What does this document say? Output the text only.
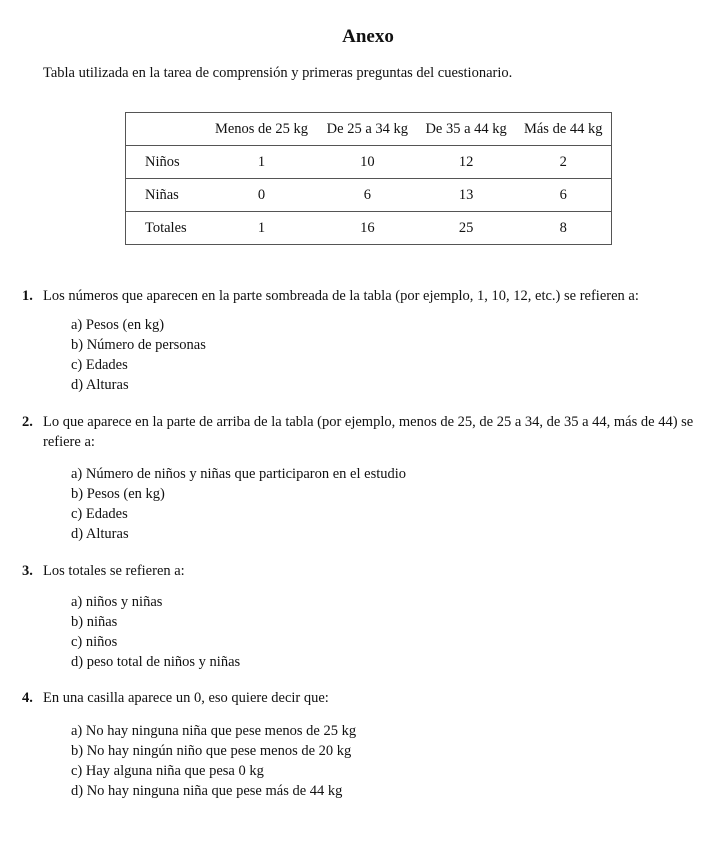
Anexo
Tabla utilizada en la tarea de comprensión y primeras preguntas del cuestionario.
	Menos de 25 kg	De 25 a 34 kg	De 35 a 44 kg	Más de 44 kg
Niños	1	10	12	2
Niñas	0	6	13	6
Totales	1	16	25	8
1. Los números que aparecen en la parte sombreada de la tabla (por ejemplo, 1, 10, 12, etc.) se refieren a:
a) Pesos (en kg)
b) Número de personas
c) Edades
d) Alturas
2. Lo que aparece en la parte de arriba de la tabla (por ejemplo, menos de 25, de 25 a 34, de 35 a 44, más de 44) se refiere a:
a) Número de niños y niñas que participaron en el estudio
b) Pesos (en kg)
c) Edades
d) Alturas
3. Los totales se refieren a:
a) niños y niñas
b) niñas
c) niños
d) peso total de niños y niñas
4. En una casilla aparece un 0, eso quiere decir que:
a) No hay ninguna niña que pese menos de 25 kg
b) No hay ningún niño que pese menos de 20 kg
c) Hay alguna niña que pesa 0 kg
d) No hay ninguna niña que pese más de 44 kg
